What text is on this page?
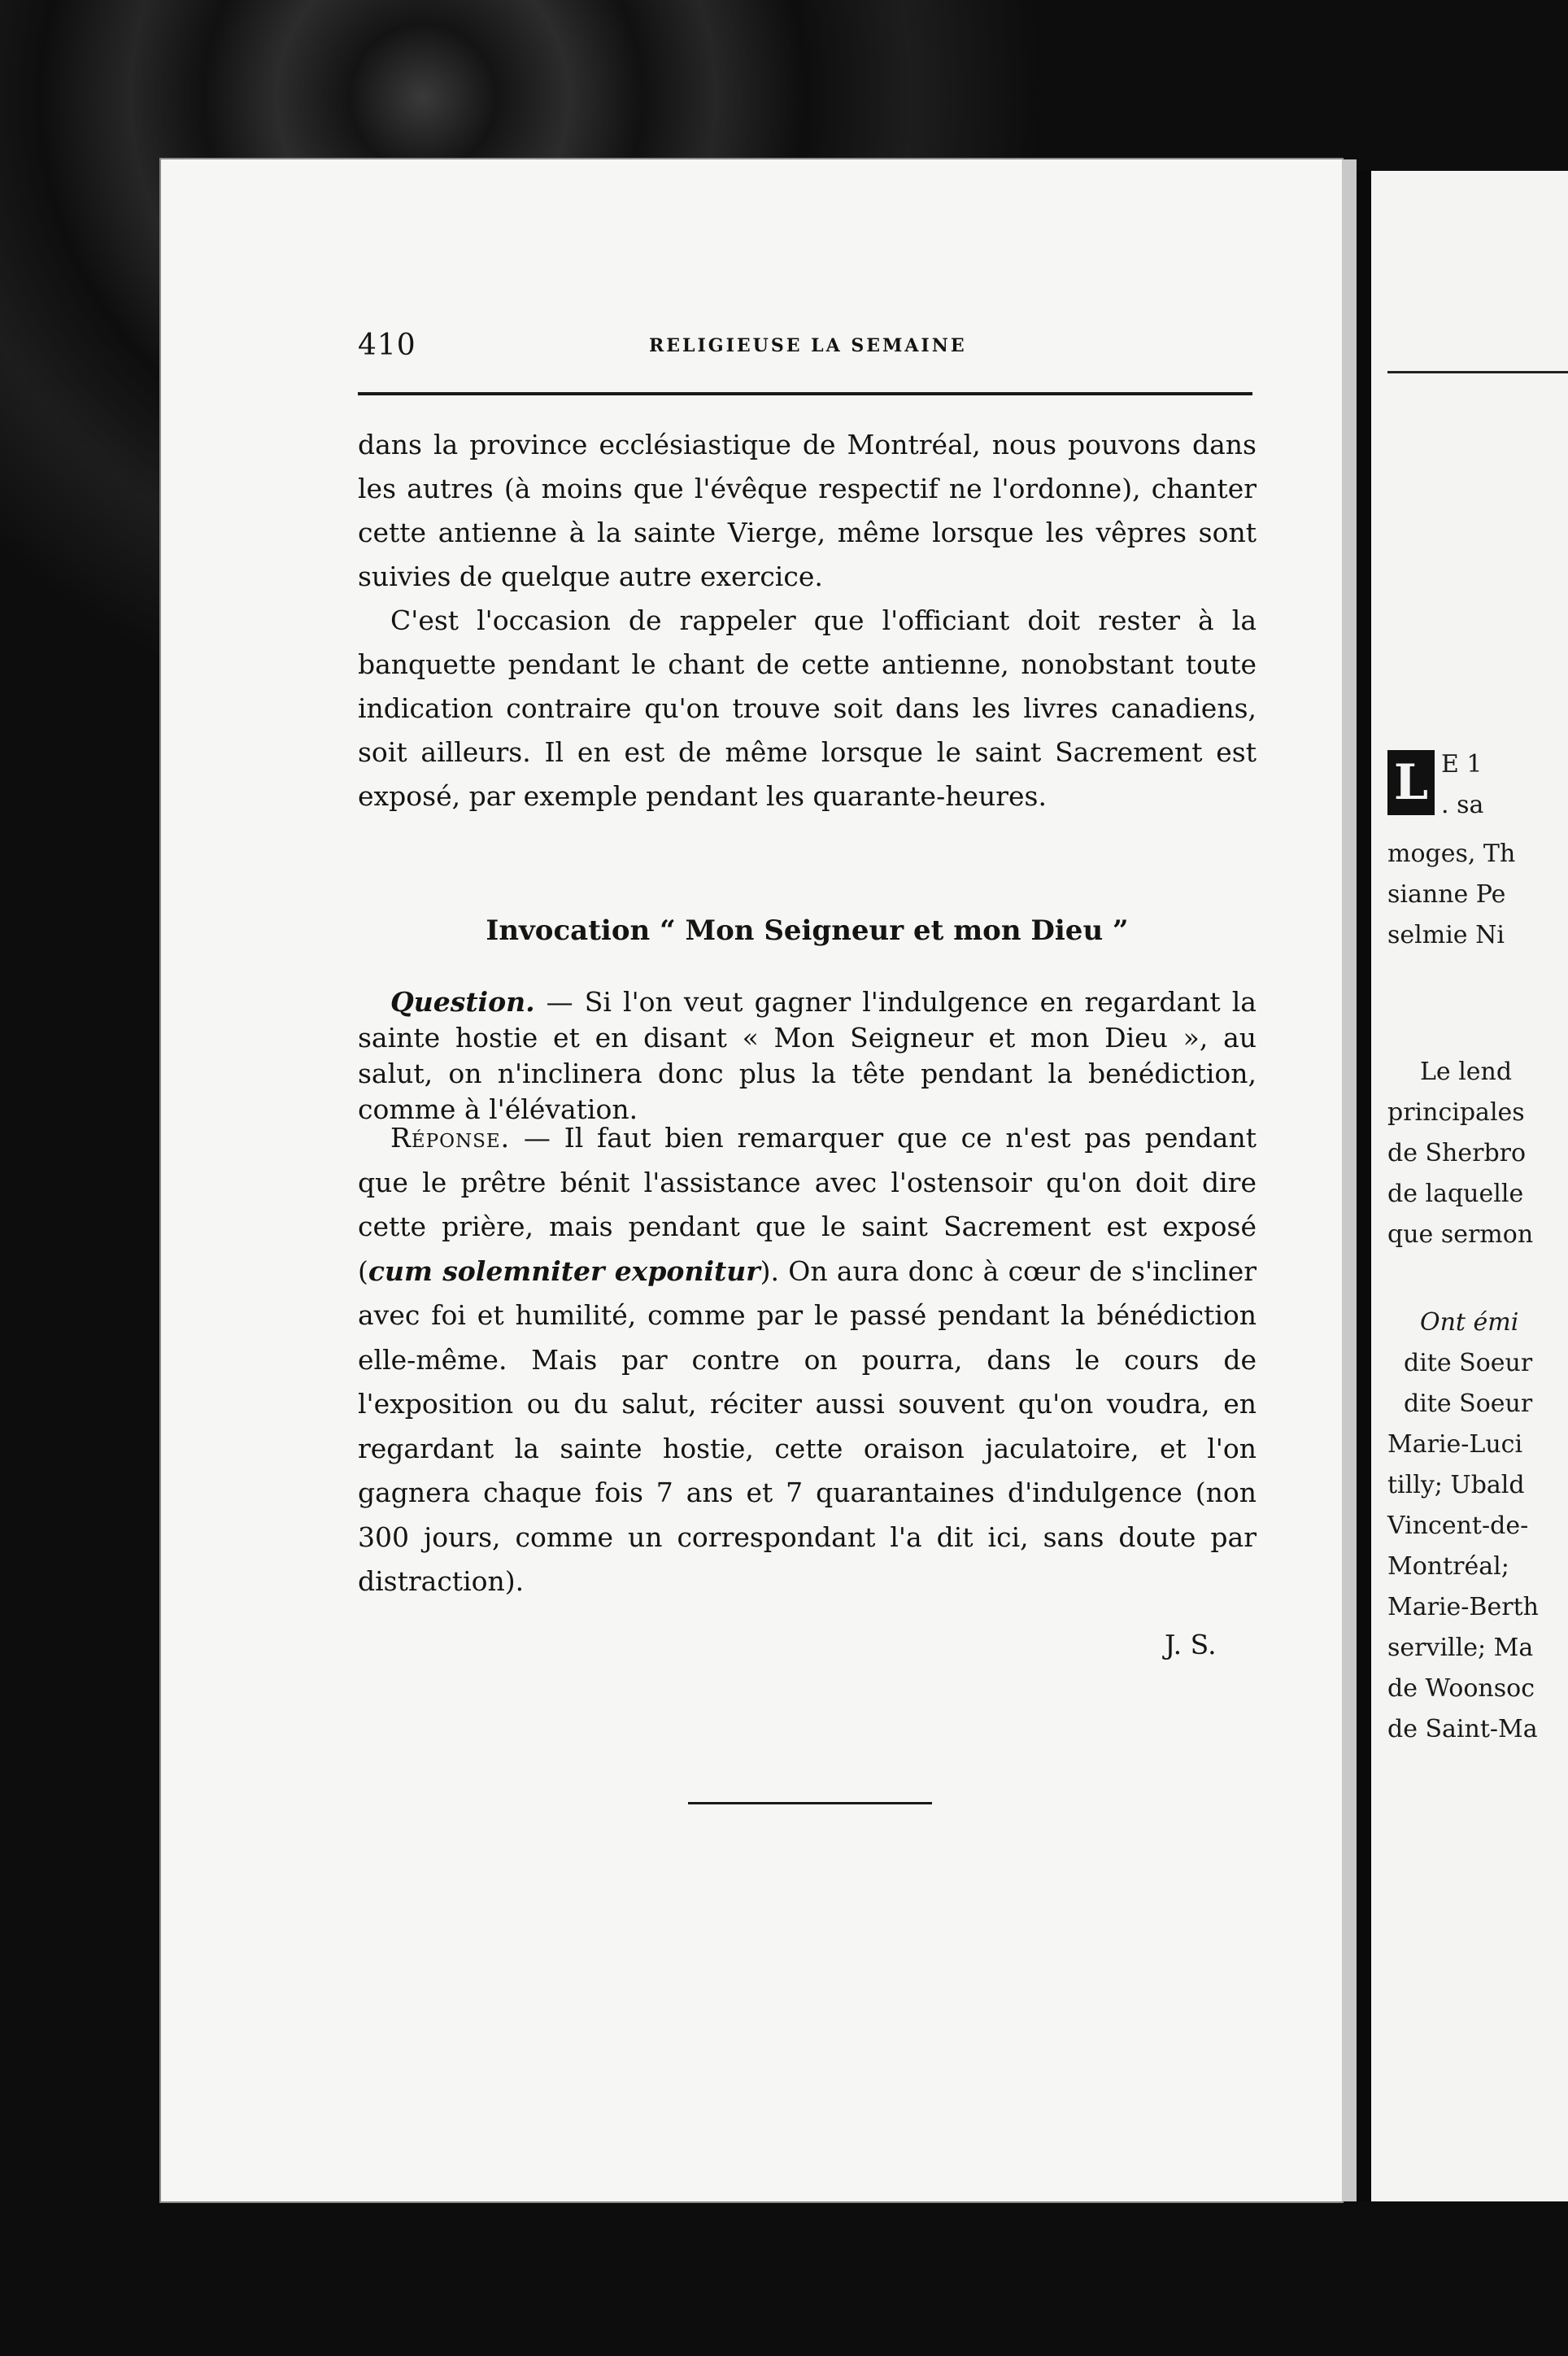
410	RELIGIEUSE LA SEMAINE

dans la province ecclésiastique de Montréal, nous pouvons dans les autres (à moins que l'évêque respectif ne l'ordonne), chanter cette antienne à la sainte Vierge, même lorsque les vêpres sont suivies de quelque autre exercice.

C'est l'occasion de rappeler que l'officiant doit rester à la banquette pendant le chant de cette antienne, nonobstant toute indication contraire qu'on trouve soit dans les livres canadiens, soit ailleurs. Il en est de même lorsque le saint Sacrement est exposé, par exemple pendant les quarante-heures.

Invocation “ Mon Seigneur et mon Dieu ”

Question. — Si l'on veut gagner l'indulgence en regardant la sainte hostie et en disant « Mon Seigneur et mon Dieu », au salut, on n'inclinera donc plus la tête pendant la benédiction, comme à l'élévation.

Réponse. — Il faut bien remarquer que ce n'est pas pendant que le prêtre bénit l'assistance avec l'ostensoir qu'on doit dire cette prière, mais pendant que le saint Sacrement est exposé (cum solemniter exponitur). On aura donc à cœur de s'incliner avec foi et humilité, comme par le passé pendant la bénédiction elle-même. Mais par contre on pourra, dans le cours de l'exposition ou du salut, réciter aussi souvent qu'on voudra, en regardant la sainte hostie, cette oraison jaculatoire, et l'on gagnera chaque fois 7 ans et 7 quarantaines d'indulgence (non 300 jours, comme un correspondant l'a dit ici, sans doute par distraction).

J. S.
L E 1
. sa
moges, Th
sianne Pe
selmie Ni
Le lend
principales
de Sherbro
de laquelle
que sermon
Ont émi
dite Soeur
dite Soeur
Marie-Luci
tilly; Ubald
Vincent-de-
Montréal;
Marie-Berth
serville; Ma
de Woonsoc
de Saint-Ma
